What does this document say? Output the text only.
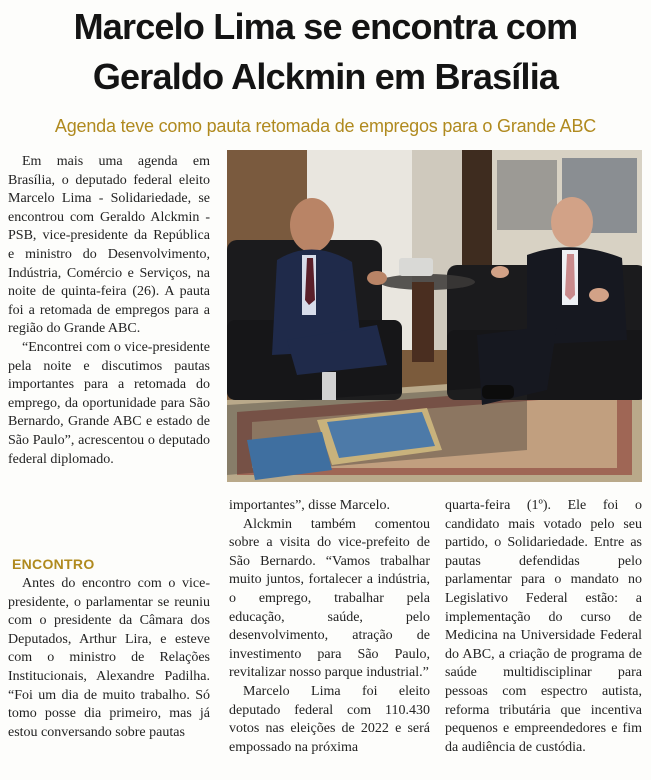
Marcelo Lima se encontra com
Geraldo Alckmin em Brasília
Agenda teve como pauta retomada de empregos para o Grande ABC

Em mais uma agenda em Brasília, o deputado federal eleito Marcelo Lima - Solidariedade, se encontrou com Geraldo Alckmin - PSB, vice-presidente da República e ministro do Desenvolvimento, Indústria, Comércio e Serviços, na noite de quinta-feira (26). A pauta foi a retomada de empregos para a região do Grande ABC.

“Encontrei com o vice-presidente pela noite e discutimos pautas importantes para a retomada do emprego, da oportunidade para São Bernardo, Grande ABC e estado de São Paulo”, acrescentou o deputado federal diplomado.

ENCONTRO

Antes do encontro com o vice-presidente, o parlamentar se reuniu com o presidente da Câmara dos Deputados, Arthur Lira, e esteve com o ministro de Relações Institucionais, Alexandre Padilha. “Foi um dia de muito trabalho. Só tomo posse dia primeiro, mas já estou conversando sobre pautas

importantes”, disse Marcelo.

Alckmin também comentou sobre a visita do vice-prefeito de São Bernardo. “Vamos trabalhar muito juntos, fortalecer a indústria, o emprego, trabalhar pela educação, saúde, pelo desenvolvimento, atração de investimento para São Paulo, revitalizar nosso parque industrial.”

Marcelo Lima foi eleito deputado federal com 110.430 votos nas eleições de 2022 e será empossado na próxima

quarta-feira (1º). Ele foi o candidato mais votado pelo seu partido, o Solidariedade. Entre as pautas defendidas pelo parlamentar para o mandato no Legislativo Federal estão: a implementação do curso de Medicina na Universidade Federal do ABC, a criação de programa de saúde multidisciplinar para pessoas com espectro autista, reforma tributária que incentiva pequenos e empreendedores e fim da audiência de custódia.
